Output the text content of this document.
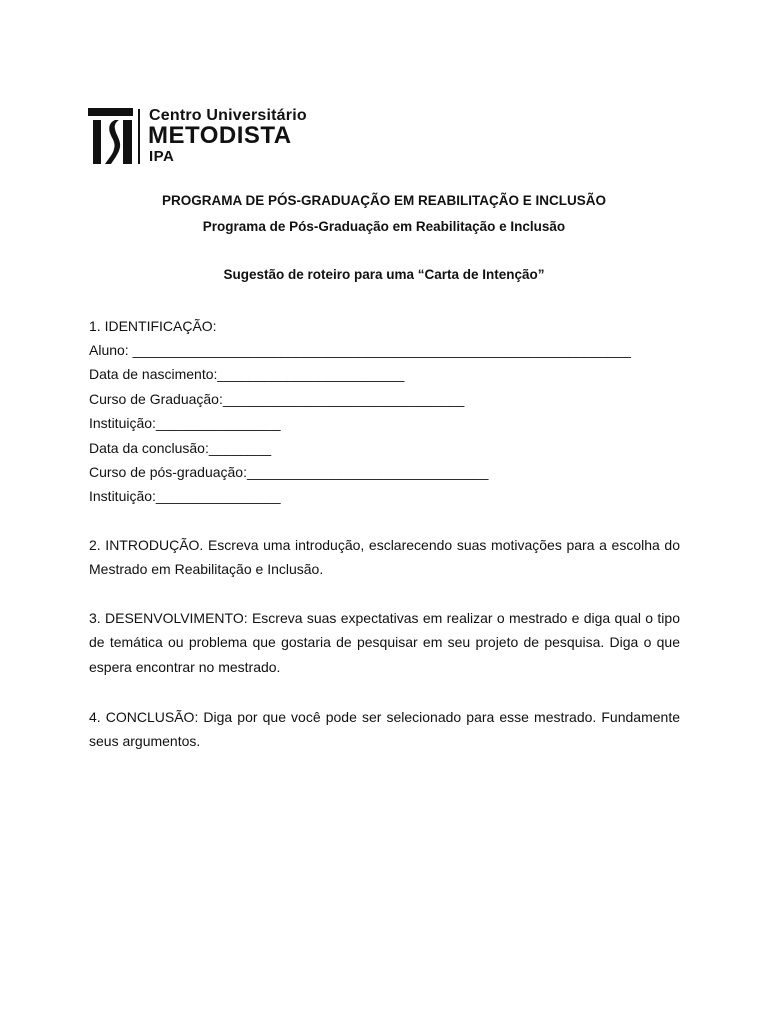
Centro Universitário
METODISTA
IPA
PROGRAMA DE PÓS-GRADUAÇÃO EM REABILITAÇÃO E INCLUSÃO
Programa de Pós-Graduação em Reabilitação e Inclusão
Sugestão de roteiro para uma “Carta de Intenção”
1. IDENTIFICAÇÃO:
Aluno: ________________________________________________________________
Data de nascimento:________________________
Curso de Graduação:_______________________________
Instituição:________________
Data da conclusão:________
Curso de pós-graduação:_______________________________
Instituição:________________
2. INTRODUÇÃO. Escreva uma introdução, esclarecendo suas motivações para a escolha do Mestrado em Reabilitação e Inclusão.
3. DESENVOLVIMENTO: Escreva suas expectativas em realizar o mestrado e diga qual o tipo de temática ou problema que gostaria de pesquisar em seu projeto de pesquisa. Diga o que espera encontrar no mestrado.
4. CONCLUSÃO: Diga por que você pode ser selecionado para esse mestrado. Fundamente seus argumentos.
